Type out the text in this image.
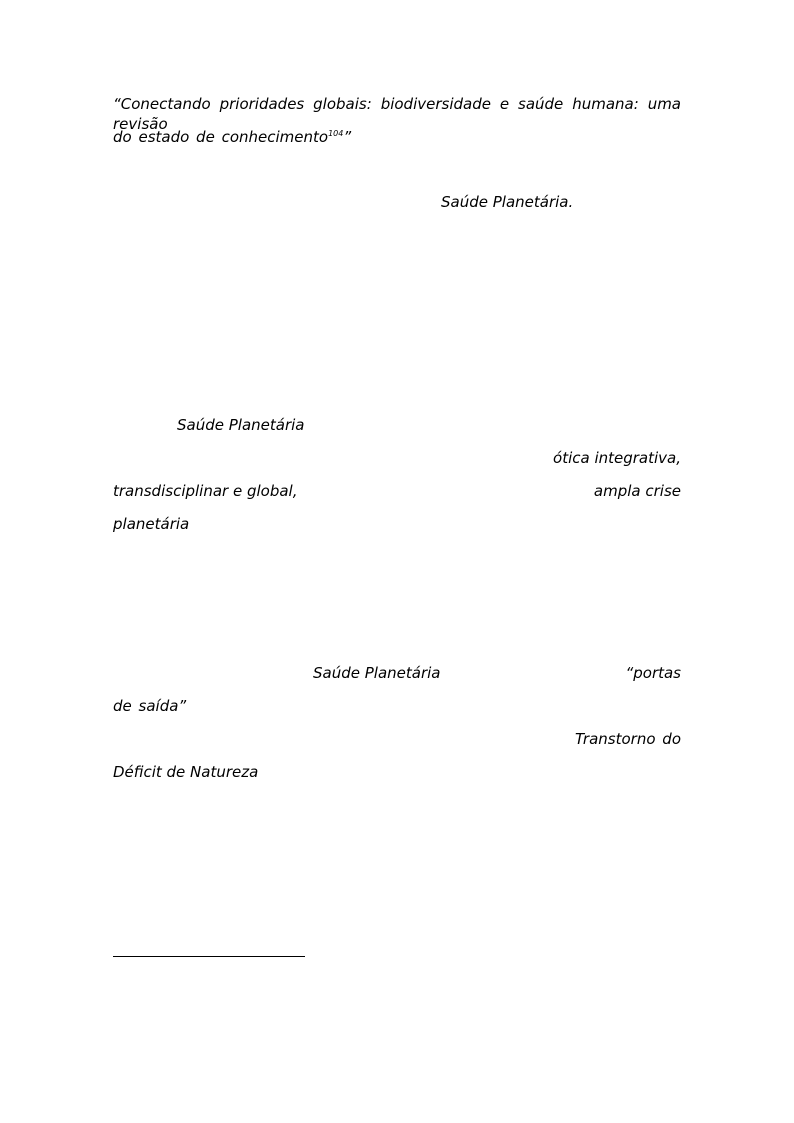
“Conectando prioridades globais: biodiversidade e saúde humana: uma revisão
do estado de conhecimento$^{104}$”
Saúde Planetária.
Saúde Planetária
ótica integrativa,
transdisciplinar e global,	ampla crise
planetária
Saúde Planetária	“portas
de saída”
Transtorno do
Déficit de Natureza
